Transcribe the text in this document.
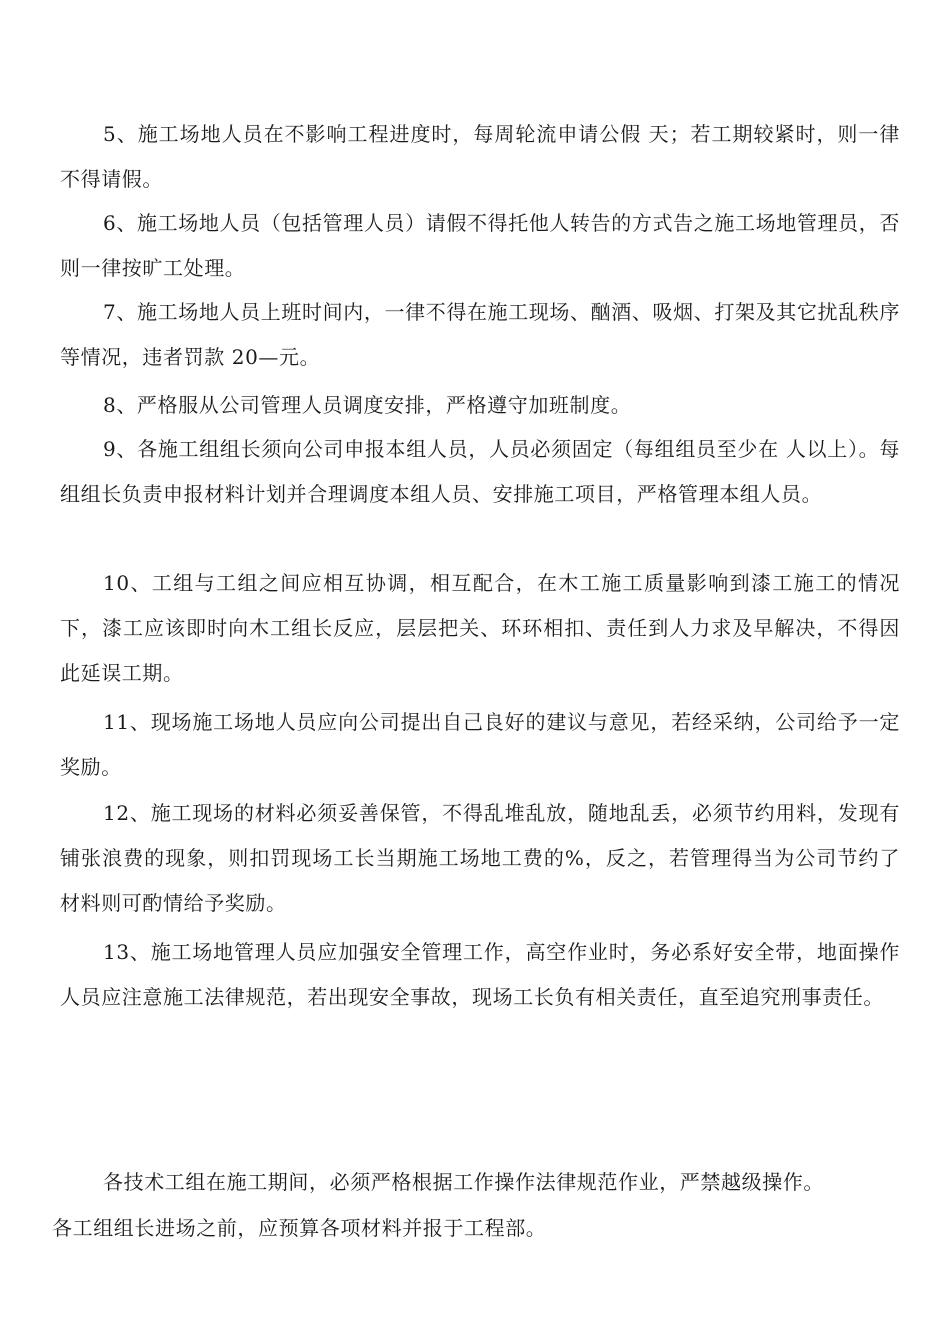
5、施工场地人员在不影响工程进度时，每周轮流申请公假 天；若工期较紧时，则一律不得请假。

6、施工场地人员（包括管理人员）请假不得托他人转告的方式告之施工场地管理员，否则一律按旷工处理。

7、施工场地人员上班时间内，一律不得在施工现场、酗酒、吸烟、打架及其它扰乱秩序等情况，违者罚款 20—元。

8、严格服从公司管理人员调度安排，严格遵守加班制度。

9、各施工组组长须向公司申报本组人员，人员必须固定（每组组员至少在 人以上）。每组组长负责申报材料计划并合理调度本组人员、安排施工项目，严格管理本组人员。

10、工组与工组之间应相互协调，相互配合，在木工施工质量影响到漆工施工的情况下，漆工应该即时向木工组长反应，层层把关、环环相扣、责任到人力求及早解决，不得因此延误工期。

11、现场施工场地人员应向公司提出自己良好的建议与意见，若经采纳，公司给予一定奖励。

12、施工现场的材料必须妥善保管，不得乱堆乱放，随地乱丢，必须节约用料，发现有铺张浪费的现象，则扣罚现场工长当期施工场地工费的%，反之，若管理得当为公司节约了材料则可酌情给予奖励。

13、施工场地管理人员应加强安全管理工作，高空作业时，务必系好安全带，地面操作人员应注意施工法律规范，若出现安全事故，现场工长负有相关责任，直至追究刑事责任。

各技术工组在施工期间，必须严格根据工作操作法律规范作业，严禁越级操作。

各工组组长进场之前，应预算各项材料并报于工程部。
